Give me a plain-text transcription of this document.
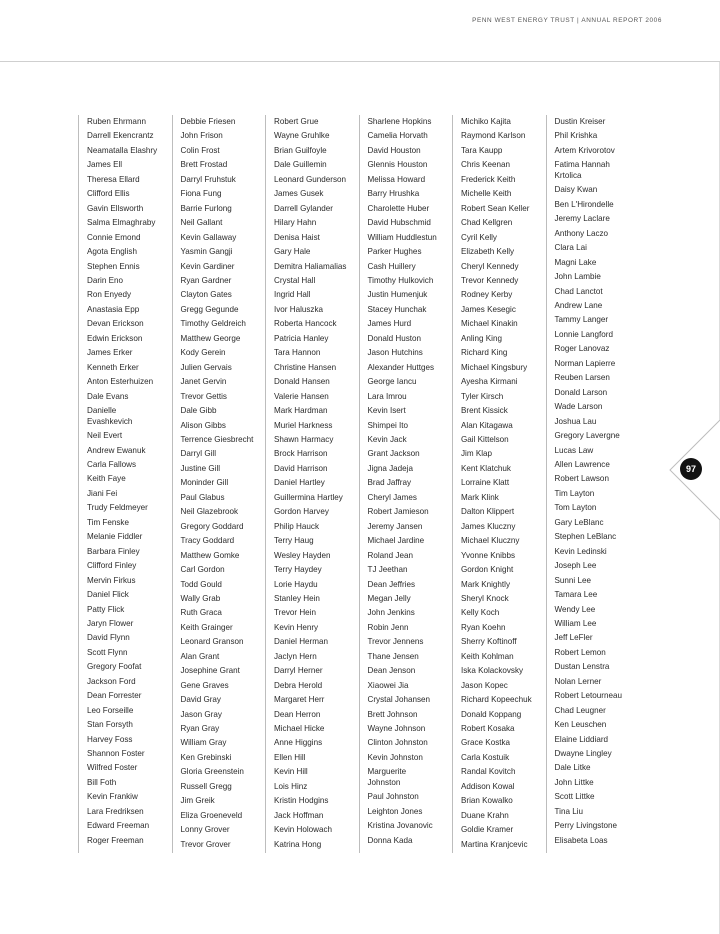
PENN WEST ENERGY TRUST | ANNUAL REPORT 2006
97
Ruben Ehrmann
Darrell Ekencrantz
Neamatalla Elashry
James Ell
Theresa Ellard
Clifford Ellis
Gavin Ellsworth
Salma Elmaghraby
Connie Emond
Agota English
Stephen Ennis
Darin Eno
Ron Enyedy
Anastasia Epp
Devan Erickson
Edwin Erickson
James Erker
Kenneth Erker
Anton Esterhuizen
Dale Evans
Danielle Evashkevich
Neil Evert
Andrew Ewanuk
Carla Fallows
Keith Faye
Jiani Fei
Trudy Feldmeyer
Tim Fenske
Melanie Fiddler
Barbara Finley
Clifford Finley
Mervin Firkus
Daniel Flick
Patty Flick
Jaryn Flower
David Flynn
Scott Flynn
Gregory Foofat
Jackson Ford
Dean Forrester
Leo Forseille
Stan Forsyth
Harvey Foss
Shannon Foster
Wilfred Foster
Bill Foth
Kevin Frankiw
Lara Fredriksen
Edward Freeman
Roger Freeman
Debbie Friesen
John Frison
Colin Frost
Brett Frostad
Darryl Fruhstuk
Fiona Fung
Barrie Furlong
Neil Gallant
Kevin Gallaway
Yasmin Gangji
Kevin Gardiner
Ryan Gardner
Clayton Gates
Gregg Gegunde
Timothy Geldreich
Matthew George
Kody Gerein
Julien Gervais
Janet Gervin
Trevor Gettis
Dale Gibb
Alison Gibbs
Terrence Giesbrecht
Darryl Gill
Justine Gill
Moninder Gill
Paul Glabus
Neil Glazebrook
Gregory Goddard
Tracy Goddard
Matthew Gomke
Carl Gordon
Todd Gould
Wally Grab
Ruth Graca
Keith Grainger
Leonard Granson
Alan Grant
Josephine Grant
Gene Graves
David Gray
Jason Gray
Ryan Gray
William Gray
Ken Grebinski
Gloria Greenstein
Russell Gregg
Jim Greik
Eliza Groeneveld
Lonny Grover
Trevor Grover
Robert Grue
Wayne Gruhlke
Brian Guilfoyle
Dale Guillemin
Leonard Gunderson
James Gusek
Darrell Gylander
Hilary Hahn
Denisa Haist
Gary Hale
Demitra Haliamalias
Crystal Hall
Ingrid Hall
Ivor Haluszka
Roberta Hancock
Patricia Hanley
Tara Hannon
Christine Hansen
Donald Hansen
Valerie Hansen
Mark Hardman
Muriel Harkness
Shawn Harmacy
Brock Harrison
David Harrison
Daniel Hartley
Guillermina Hartley
Gordon Harvey
Philip Hauck
Terry Haug
Wesley Hayden
Terry Haydey
Lorie Haydu
Stanley Hein
Trevor Hein
Kevin Henry
Daniel Herman
Jaclyn Hern
Darryl Herner
Debra Herold
Margaret Herr
Dean Herron
Michael Hicke
Anne Higgins
Ellen Hill
Kevin Hill
Lois Hinz
Kristin Hodgins
Jack Hoffman
Kevin Holowach
Katrina Hong
Sharlene Hopkins
Camelia Horvath
David Houston
Glennis Houston
Melissa Howard
Barry Hrushka
Charolette Huber
David Hubschmid
William Huddlestun
Parker Hughes
Cash Huillery
Timothy Hulkovich
Justin Humenjuk
Stacey Hunchak
James Hurd
Donald Huston
Jason Hutchins
Alexander Huttges
George Iancu
Lara Imrou
Kevin Isert
Shimpei Ito
Kevin Jack
Grant Jackson
Jigna Jadeja
Brad Jaffray
Cheryl James
Robert Jamieson
Jeremy Jansen
Michael Jardine
Roland Jean
TJ Jeethan
Dean Jeffries
Megan Jelly
John Jenkins
Robin Jenn
Trevor Jennens
Thane Jensen
Dean Jenson
Xiaowei Jia
Crystal Johansen
Brett Johnson
Wayne Johnson
Clinton Johnston
Kevin Johnston
Marguerite Johnston
Paul Johnston
Leighton Jones
Kristina Jovanovic
Donna Kada
Michiko Kajita
Raymond Karlson
Tara Kaupp
Chris Keenan
Frederick Keith
Michelle Keith
Robert Sean Keller
Chad Kellgren
Cyril Kelly
Elizabeth Kelly
Cheryl Kennedy
Trevor Kennedy
Rodney Kerby
James Kesegic
Michael Kinakin
Anling King
Richard King
Michael Kingsbury
Ayesha Kirmani
Tyler Kirsch
Brent Kissick
Alan Kitagawa
Gail Kittelson
Jim Klap
Kent Klatchuk
Lorraine Klatt
Mark Klink
Dalton Klippert
James Kluczny
Michael Kluczny
Yvonne Knibbs
Gordon Knight
Mark Knightly
Sheryl Knock
Kelly Koch
Ryan Koehn
Sherry Koftinoff
Keith Kohlman
Iska Kolackovsky
Jason Kopec
Richard Kopeechuk
Donald Koppang
Robert Kosaka
Grace Kostka
Carla Kostuik
Randal Kovitch
Addison Kowal
Brian Kowalko
Duane Krahn
Goldie Kramer
Martina Kranjcevic
Dustin Kreiser
Phil Krishka
Artem Krivorotov
Fatima Hannah Krtolica
Daisy Kwan
Ben L'Hirondelle
Jeremy Laclare
Anthony Laczo
Clara Lai
Magni Lake
John Lambie
Chad Lanctot
Andrew Lane
Tammy Langer
Lonnie Langford
Roger Lanovaz
Norman Lapierre
Reuben Larsen
Donald Larson
Wade Larson
Joshua Lau
Gregory Lavergne
Lucas Law
Allen Lawrence
Robert Lawson
Tim Layton
Tom Layton
Gary LeBlanc
Stephen LeBlanc
Kevin Ledinski
Joseph Lee
Sunni Lee
Tamara Lee
Wendy Lee
William Lee
Jeff LeFler
Robert Lemon
Dustan Lenstra
Nolan Lerner
Robert Letourneau
Chad Leugner
Ken Leuschen
Elaine Liddiard
Dwayne Lingley
Dale Litke
John Littke
Scott Littke
Tina Liu
Perry Livingstone
Elisabeta Loas
